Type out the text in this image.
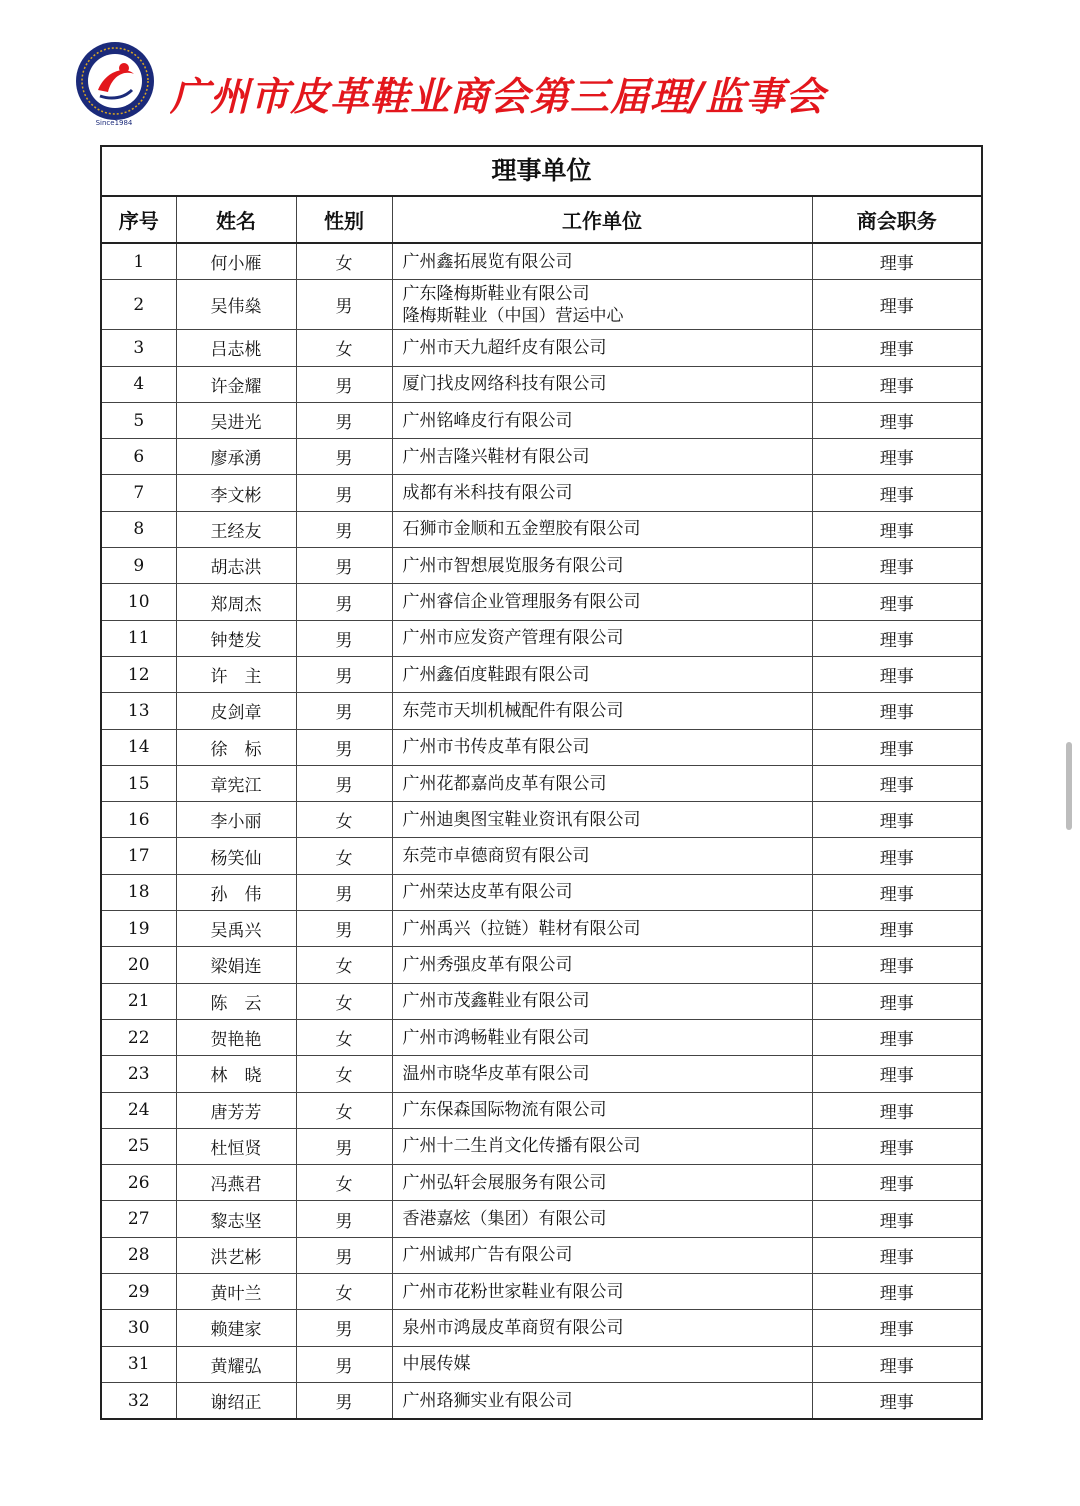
Since1984
广州市皮革鞋业商会第三届理/监事会
理事单位
序号	姓名	性别	工作单位	商会职务
1	何小雁	女	广州鑫拓展览有限公司	理事
2	吴伟燊	男	广东隆梅斯鞋业有限公司
隆梅斯鞋业（中国）营运中心	理事
3	吕志桃	女	广州市天九超纤皮有限公司	理事
4	许金耀	男	厦门找皮网络科技有限公司	理事
5	吴进光	男	广州铭峰皮行有限公司	理事
6	廖承湧	男	广州吉隆兴鞋材有限公司	理事
7	李文彬	男	成都有米科技有限公司	理事
8	王经友	男	石狮市金顺和五金塑胶有限公司	理事
9	胡志洪	男	广州市智想展览服务有限公司	理事
10	郑周杰	男	广州睿信企业管理服务有限公司	理事
11	钟楚发	男	广州市应发资产管理有限公司	理事
12	许　主	男	广州鑫佰度鞋跟有限公司	理事
13	皮剑章	男	东莞市天圳机械配件有限公司	理事
14	徐　标	男	广州市书传皮革有限公司	理事
15	章宪江	男	广州花都嘉尚皮革有限公司	理事
16	李小丽	女	广州迪奥图宝鞋业资讯有限公司	理事
17	杨笑仙	女	东莞市卓德商贸有限公司	理事
18	孙　伟	男	广州荣达皮革有限公司	理事
19	吴禹兴	男	广州禹兴（拉链）鞋材有限公司	理事
20	梁娟连	女	广州秀强皮革有限公司	理事
21	陈　云	女	广州市茂鑫鞋业有限公司	理事
22	贺艳艳	女	广州市鸿畅鞋业有限公司	理事
23	林　晓	女	温州市晓华皮革有限公司	理事
24	唐芳芳	女	广东保森国际物流有限公司	理事
25	杜恒贤	男	广州十二生肖文化传播有限公司	理事
26	冯燕君	女	广州弘轩会展服务有限公司	理事
27	黎志坚	男	香港嘉炫（集团）有限公司	理事
28	洪艺彬	男	广州诚邦广告有限公司	理事
29	黄叶兰	女	广州市花粉世家鞋业有限公司	理事
30	赖建家	男	泉州市鸿晟皮革商贸有限公司	理事
31	黄耀弘	男	中展传媒	理事
32	谢绍正	男	广州珞狮实业有限公司	理事
